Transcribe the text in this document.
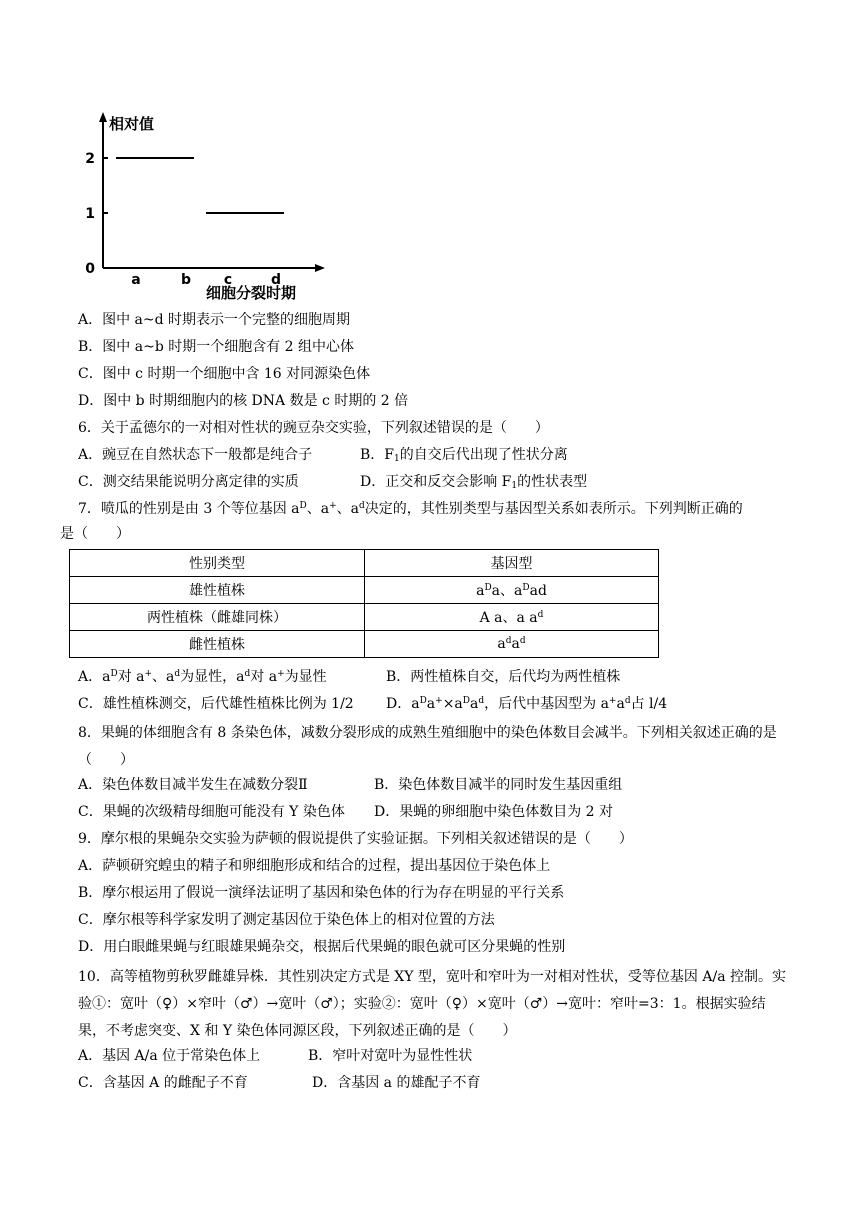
相对值
细胞分裂时期
0
1
2
a	b c	d
A．图中 a~d 时期表示一个完整的细胞周期
B．图中 a~b 时期一个细胞含有 2 组中心体
C．图中 c 时期一个细胞中含 16 对同源染色体
D．图中 b 时期细胞内的核 DNA 数是 c 时期的 2 倍
6．关于孟德尔的一对相对性状的豌豆杂交实验，下列叙述错误的是（　　）
A．豌豆在自然状态下一般都是纯合子	B．$F_1$的自交后代出现了性状分离
C．测交结果能说明分离定律的实质	D．正交和反交会影响 $F_1$的性状表型
7．喷瓜的性别是由 3 个等位基因 $a^D$、a+、$a^d$决定的，其性别类型与基因型关系如表所示。下列判断正确的
是（　　）
性别类型	基因型
雄性植株	$a^Da$、$a^Dad$
两性植株（雌雄同株）	A a、a $a^d$
雌性植株	$a^da^d$
A．$a^D$对 a+、$a^d$为显性，$a^d$对 a+为显性	B．两性植株自交，后代均为两性植株
C．雄性植株测交，后代雄性植株比例为 1/2 D．$a^Da^+\times a^Da^d$，后代中基因型为 $a^+a^d$占 l/4
8．果蝇的体细胞含有 8 条染色体，减数分裂形成的成熟生殖细胞中的染色体数目会减半。下列相关叙述正确的是（　　）
A．染色体数目减半发生在减数分裂Ⅱ	B．染色体数目减半的同时发生基因重组
C．果蝇的次级精母细胞可能没有 Y 染色体 D．果蝇的卵细胞中染色体数目为 2 对
9．摩尔根的果蝇杂交实验为萨顿的假说提供了实验证据。下列相关叙述错误的是（　　）
A．萨顿研究蝗虫的精子和卵细胞形成和结合的过程，提出基因位于染色体上
B．摩尔根运用了假说一演绎法证明了基因和染色体的行为存在明显的平行关系
C．摩尔根等科学家发明了测定基因位于染色体上的相对位置的方法
D．用白眼雌果蝇与红眼雄果蝇杂交，根据后代果蝇的眼色就可区分果蝇的性别
10．高等植物剪秋罗雌雄异株．其性别决定方式是 XY 型，宽叶和窄叶为一对相对性状，受等位基因 A/a 控制。实验①：宽叶（♀）×窄叶（♂）→宽叶（♂）；实验②：宽叶（♀）×宽叶（♂）→宽叶：窄叶=3：1。根据实验结果，不考虑突变、X 和 Y 染色体同源区段，下列叙述正确的是（　　）
A．基因 A/a 位于常染色体上	B．窄叶对宽叶为显性性状
C．含基因 A 的雌配子不育	D．含基因 a 的雄配子不育
